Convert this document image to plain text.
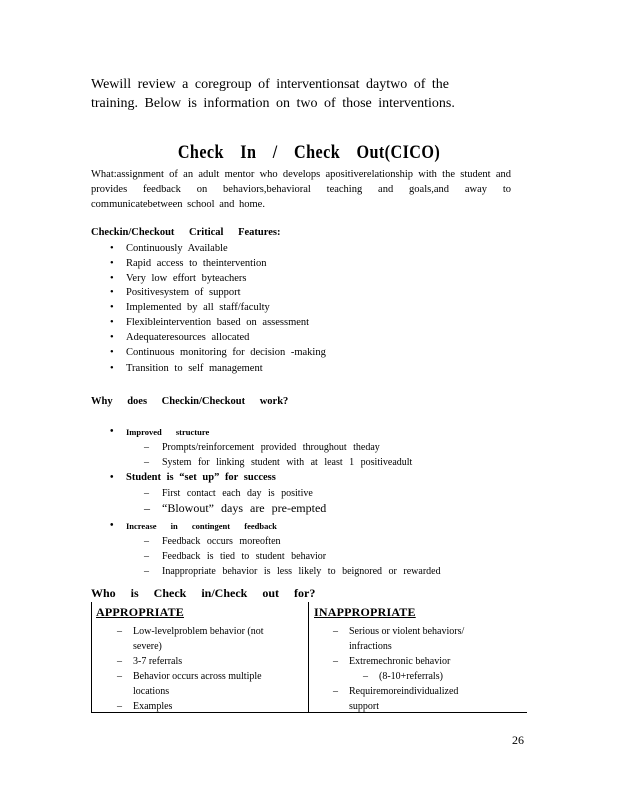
Wewill review a coregroup of interventionsat daytwo of the training. Below is information on two of those interventions.
Check In / Check Out(CICO)
What:assignment of an adult mentor who develops apositiverelationship with the student and provides feedback on behaviors,behavioral teaching and goals,and away to communicatebetween school and home.
Checkin/Checkout Critical Features:
• Continuously Available
• Rapid access to theintervention
• Very low effort byteachers
• Positivesystem of support
• Implemented by all staff/faculty
• Flexibleintervention based on assessment
• Adequateresources allocated
• Continuous monitoring for decision -making
• Transition to self management
Why does Checkin/Checkout work?
• Improved structure
– Prompts/reinforcement provided throughout theday
– System for linking student with at least 1 positiveadult
• Student is “set up” for success
– First contact each day is positive
– “Blowout” days are pre-empted
• Increase in contingent feedback
– Feedback occurs moreoften
– Feedback is tied to student behavior
– Inappropriate behavior is less likely to beignored or rewarded
Who is Check in/Check out for?
APPROPRIATE	INAPPROPRIATE
– Low-levelproblem behavior (not
severe)
– 3-7 referrals
– Behavior occurs across multiple
locations
– Examples
– Serious or violent behaviors/
infractions
– Extremechronic behavior
– (8-10+referrals)
– Requiremoreindividualized
support
26
